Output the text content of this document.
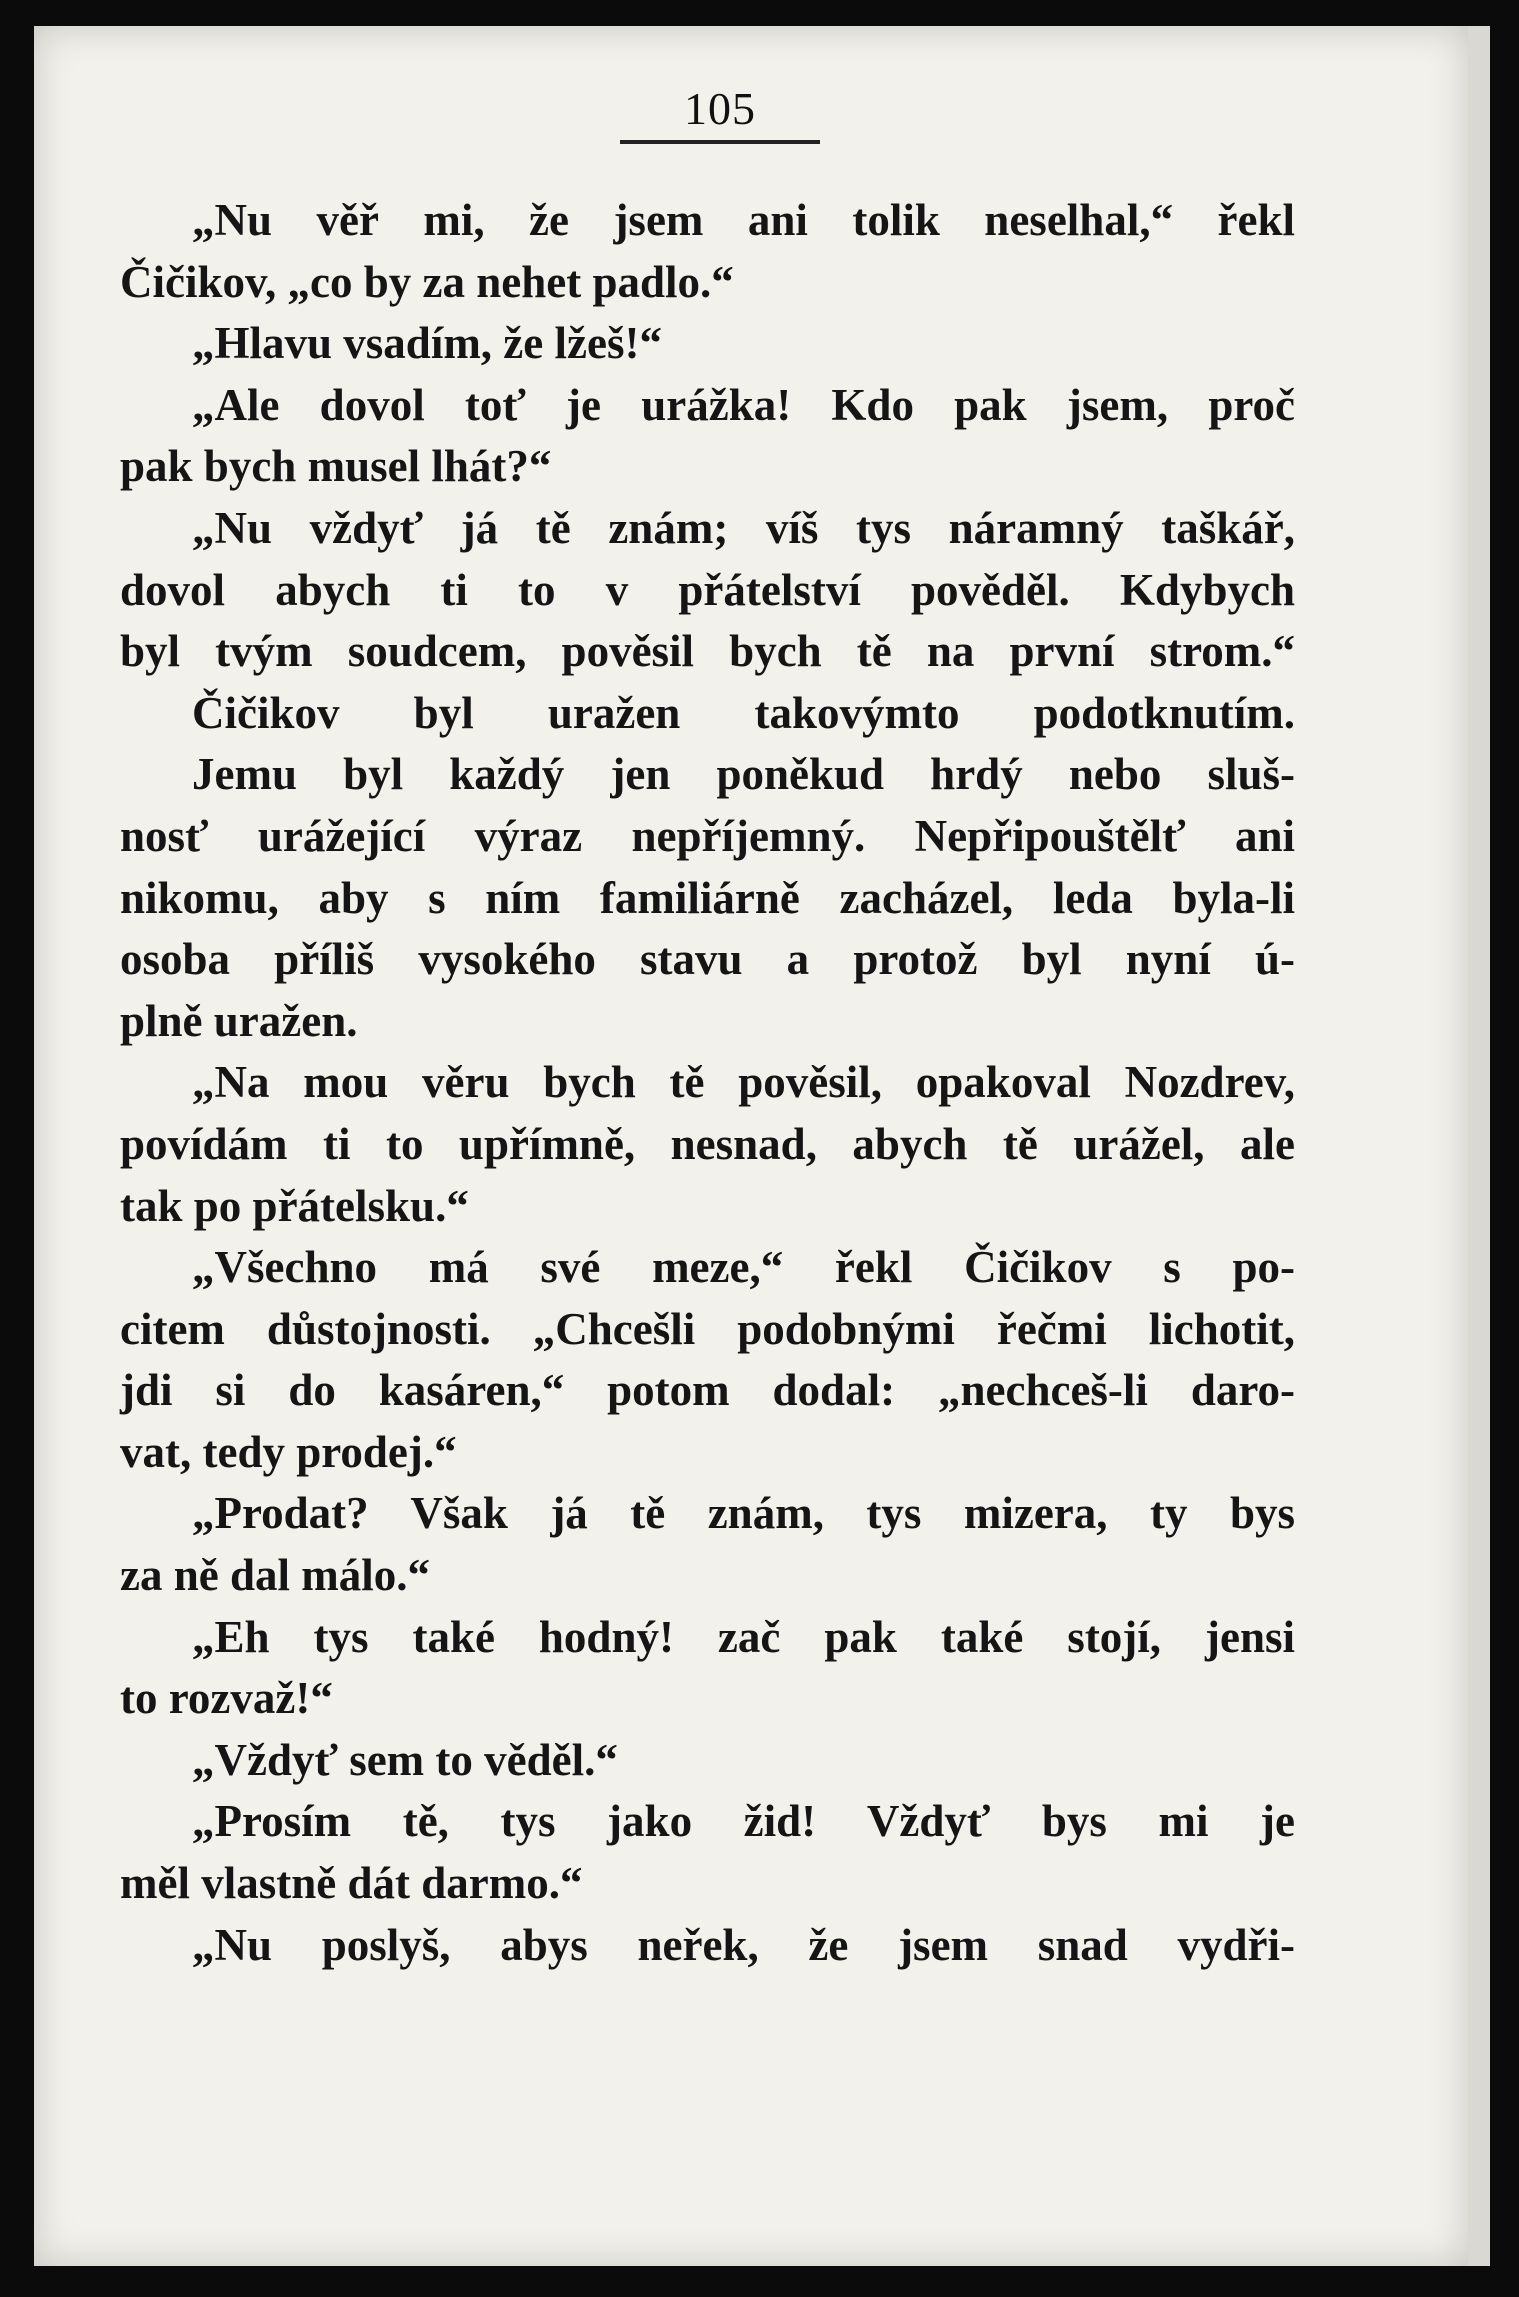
105
„Nu věř mi, že jsem ani tolik neselhal,“ řekl
Čičikov, „co by za nehet padlo.“
„Hlavu vsadím, že lžeš!“
„Ale dovol toť je urážka! Kdo pak jsem, proč
pak bych musel lhát?“
„Nu vždyť já tě znám; víš tys náramný taškář,
dovol abych ti to v přátelství pověděl. Kdybych
byl tvým soudcem, pověsil bych tě na první strom.“
Čičikov byl uražen takovýmto podotknutím.
Jemu byl každý jen poněkud hrdý nebo sluš-
nosť urážející výraz nepříjemný. Nepřipouštělť ani
nikomu, aby s ním familiárně zacházel, leda byla-li
osoba příliš vysokého stavu a protož byl nyní ú-
plně uražen.
„Na mou věru bych tě pověsil, opakoval Nozdrev,
povídám ti to upřímně, nesnad, abych tě urážel, ale
tak po přátelsku.“
„Všechno má své meze,“ řekl Čičikov s po-
citem důstojnosti. „Chcešli podobnými řečmi lichotit,
jdi si do kasáren,“ potom dodal: „nechceš-li daro-
vat, tedy prodej.“
„Prodat? Však já tě znám, tys mizera, ty bys
za ně dal málo.“
„Eh tys také hodný! zač pak také stojí, jensi
to rozvaž!“
„Vždyť sem to věděl.“
„Prosím tě, tys jako žid! Vždyť bys mi je
měl vlastně dát darmo.“
„Nu poslyš, abys neřek, že jsem snad vydři-
